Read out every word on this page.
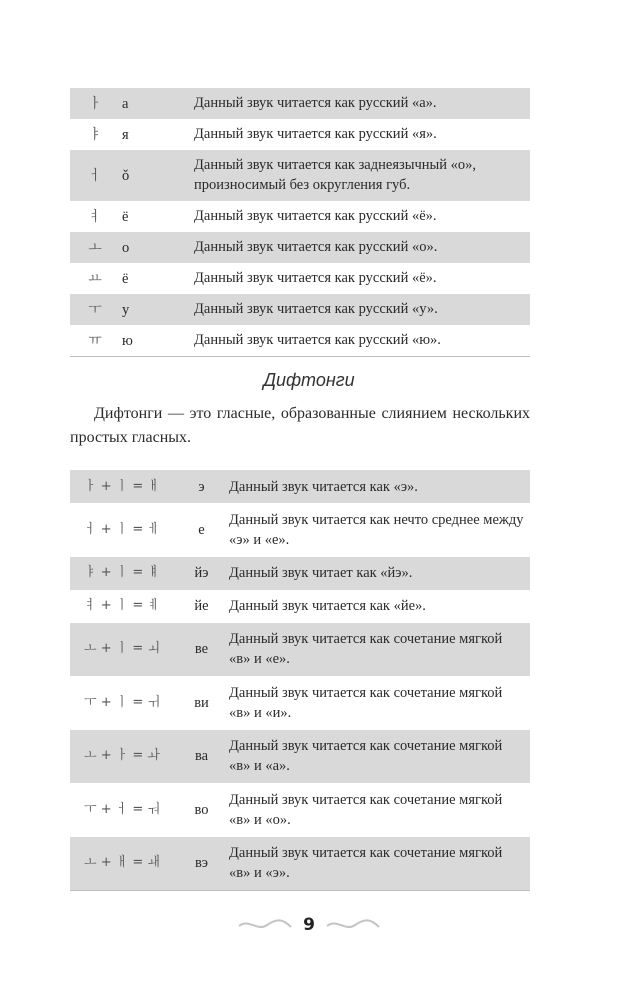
ㅏ	а	Данный звук читается как русский «а».
ㅑ	я	Данный звук читается как русский «я».
ㅓ	ǒ	Данный звук читается как заднеязычный «о», произносимый без округления губ.
ㅕ	ё	Данный звук читается как русский «ё».
ㅗ	о	Данный звук читается как русский «о».
ㅛ	ё	Данный звук читается как русский «ё».
ㅜ	у	Данный звук читается как русский «у».
ㅠ	ю	Данный звук читается как русский «ю».
Дифтонги
Дифтонги — это гласные, образованные слиянием нескольких простых гласных.
ㅏ + ㅣ = ㅐ	э	Данный звук читается как «э».
ㅓ + ㅣ = ㅔ	е	Данный звук читается как нечто среднее между «э» и «е».
ㅑ + ㅣ = ㅒ	йэ	Данный звук читает как «йэ».
ㅕ + ㅣ = ㅖ	йе	Данный звук читается как «йе».
ㅗ + ㅣ = ㅚ	ве	Данный звук читается как сочетание мягкой «в» и «е».
ㅜ + ㅣ = ㅟ	ви	Данный звук читается как сочетание мягкой «в» и «и».
ㅗ + ㅏ = ㅘ	ва	Данный звук читается как сочетание мягкой «в» и «а».
ㅜ + ㅓ = ㅝ	во	Данный звук читается как сочетание мягкой «в» и «о».
ㅗ + ㅐ = ㅙ	вэ	Данный звук читается как сочетание мягкой «в» и «э».
9
